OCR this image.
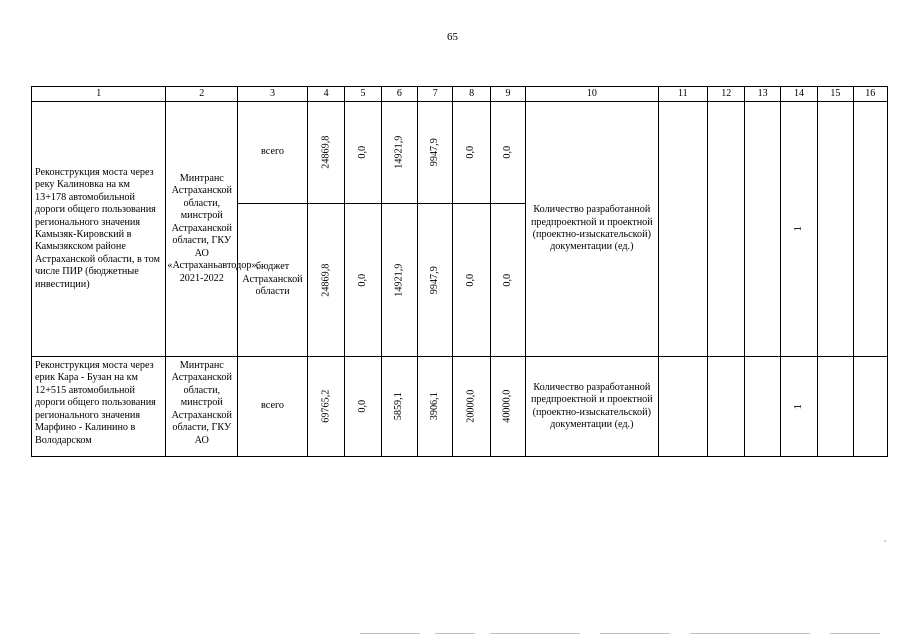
65
1	2	3	4	5	6	7	8	9	10	11	12	13	14	15	16
Реконструкция моста через реку Калиновка на км 13+178 автомобильной дороги общего пользования регионального значения Камызяк-Кировский в Камызякском районе Астраханской области, в том числе ПИР (бюджетные инвестиции)	Минтранс Астраханской области, минстрой Астраханской области, ГКУ АО «Астраханьавтодор», 2021-2022	всего	24869,8	0,0	14921,9	9947,9	0,0	0,0	Количество разработанной предпроектной и проектной (проектно-изыскательской) документации (ед.)				1		
		бюджет Астраханской области	24869,8	0,0	14921,9	9947,9	0,0	0,0							
Реконструкция моста через ерик Кара - Бузан на км 12+515 автомобильной дороги общего пользования регионального значения Марфино - Калинино в Володарском	Минтранс Астраханской области, минстрой Астраханской области, ГКУ АО	всего	69765,2	0,0	5859,1	3906,1	20000,0	40000,0	Количество разработанной предпроектной и проектной (проектно-изыскательской) документации (ед.)				1		
